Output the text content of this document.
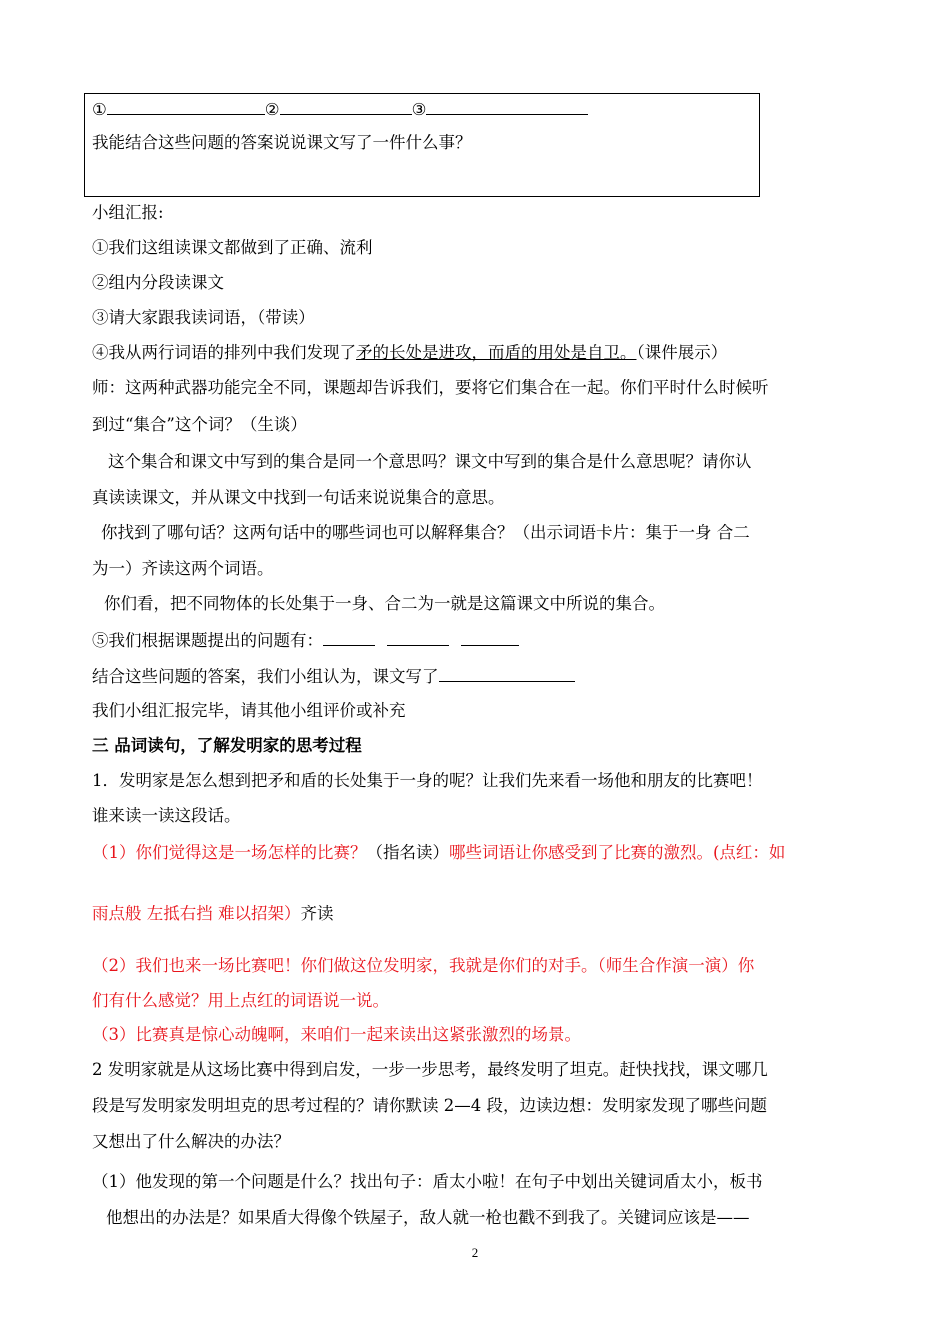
①	②	③
我能结合这些问题的答案说说课文写了一件什么事？
小组汇报:
①我们这组读课文都做到了正确、流利
②组内分段读课文
③请大家跟我读词语，（带读）
④我从两行词语的排列中我们发现了矛的长处是进攻，而盾的用处是自卫。（课件展示）
师：这两种武器功能完全不同，课题却告诉我们，要将它们集合在一起。你们平时什么时候听
到过“集合”这个词？（生谈）
这个集合和课文中写到的集合是同一个意思吗？课文中写到的集合是什么意思呢？请你认
真读读课文，并从课文中找到一句话来说说集合的意思。
你找到了哪句话？这两句话中的哪些词也可以解释集合？（出示词语卡片：集于一身 合二
为一）齐读这两个词语。
你们看，把不同物体的长处集于一身、合二为一就是这篇课文中所说的集合。
⑤我们根据课题提出的问题有：
结合这些问题的答案，我们小组认为，课文写了
我们小组汇报完毕，请其他小组评价或补充
三 品词读句，了解发明家的思考过程
1．发明家是怎么想到把矛和盾的长处集于一身的呢？让我们先来看一场他和朋友的比赛吧！
谁来读一读这段话。
（1）你们觉得这是一场怎样的比赛？（指名读）哪些词语让你感受到了比赛的激烈。(点红：如
雨点般 左抵右挡 难以招架）齐读
（2）我们也来一场比赛吧！你们做这位发明家，我就是你们的对手。（师生合作演一演）你
们有什么感觉？用上点红的词语说一说。
（3）比赛真是惊心动魄啊，来咱们一起来读出这紧张激烈的场景。
2 发明家就是从这场比赛中得到启发，一步一步思考，最终发明了坦克。赶快找找，课文哪几
段是写发明家发明坦克的思考过程的？请你默读 2—4 段，边读边想：发明家发现了哪些问题
又想出了什么解决的办法？
（1）他发现的第一个问题是什么？找出句子：盾太小啦！在句子中划出关键词盾太小，板书
他想出的办法是？如果盾大得像个铁屋子，敌人就一枪也戳不到我了。关键词应该是——
2
